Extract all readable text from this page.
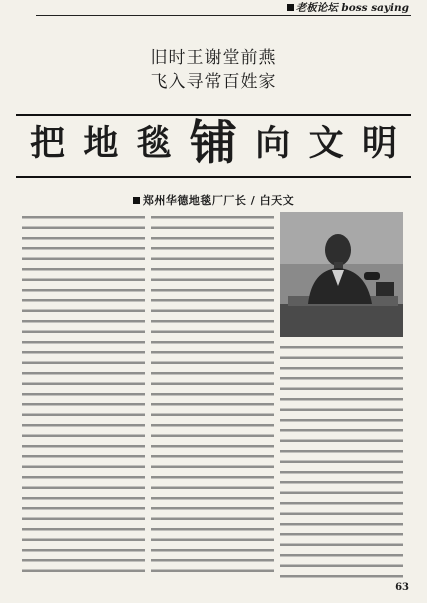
老板论坛 boss saying
旧时王谢堂前燕
飞入寻常百姓家
把 地 毯 铺 向 文 明
郑州华德地毯厂厂长 / 白天文
63
